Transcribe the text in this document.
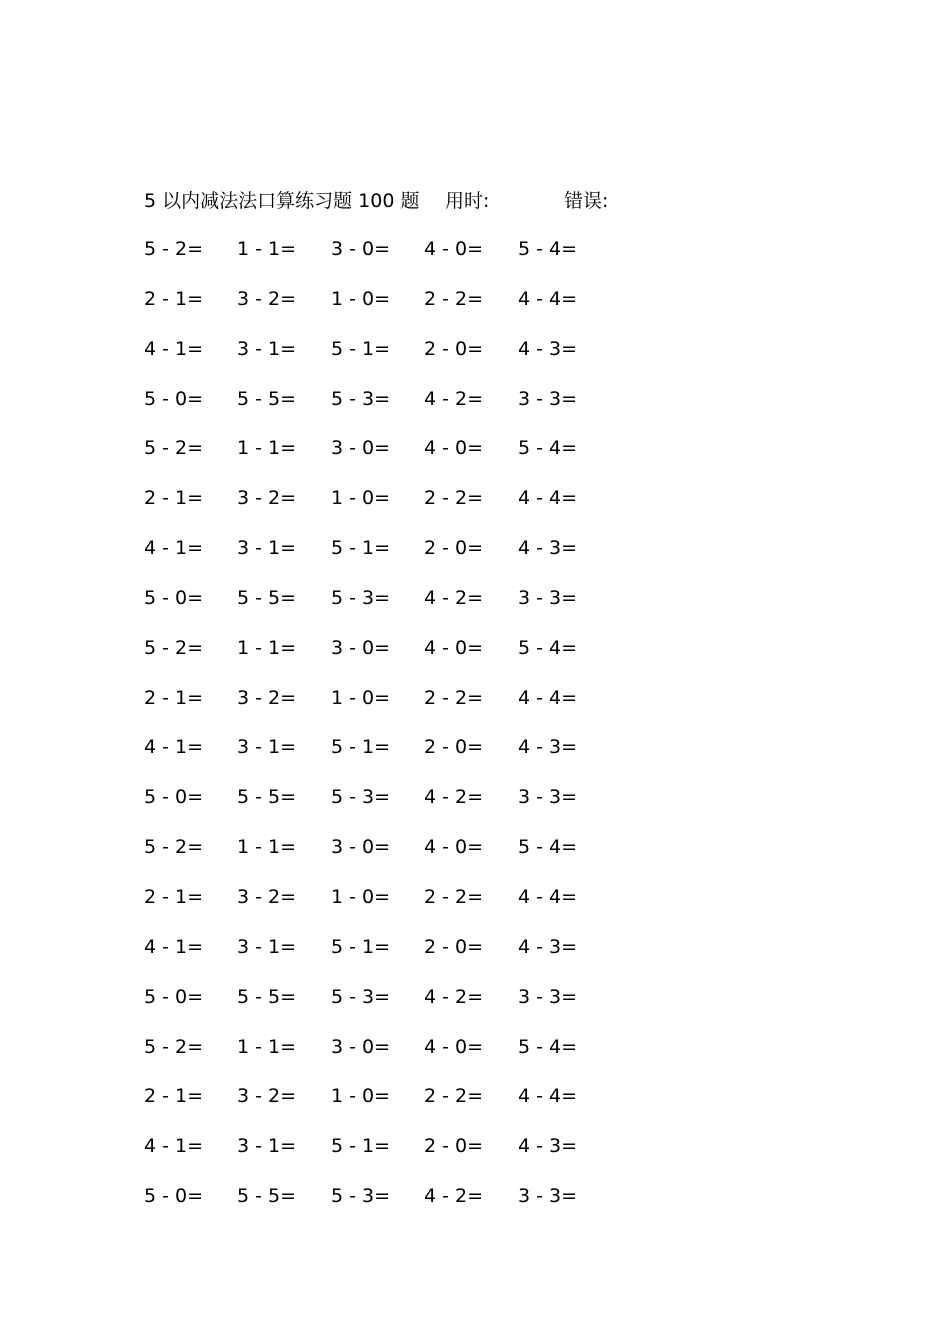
5 以内减法法口算练习题 100 题 用时:	错误:
5 - 2= 1 - 1= 3 - 0= 4 - 0= 5 - 4=
2 - 1= 3 - 2= 1 - 0= 2 - 2= 4 - 4=
4 - 1= 3 - 1= 5 - 1= 2 - 0= 4 - 3=
5 - 0= 5 - 5= 5 - 3= 4 - 2= 3 - 3=
5 - 2= 1 - 1= 3 - 0= 4 - 0= 5 - 4=
2 - 1= 3 - 2= 1 - 0= 2 - 2= 4 - 4=
4 - 1= 3 - 1= 5 - 1= 2 - 0= 4 - 3=
5 - 0= 5 - 5= 5 - 3= 4 - 2= 3 - 3=
5 - 2= 1 - 1= 3 - 0= 4 - 0= 5 - 4=
2 - 1= 3 - 2= 1 - 0= 2 - 2= 4 - 4=
4 - 1= 3 - 1= 5 - 1= 2 - 0= 4 - 3=
5 - 0= 5 - 5= 5 - 3= 4 - 2= 3 - 3=
5 - 2= 1 - 1= 3 - 0= 4 - 0= 5 - 4=
2 - 1= 3 - 2= 1 - 0= 2 - 2= 4 - 4=
4 - 1= 3 - 1= 5 - 1= 2 - 0= 4 - 3=
5 - 0= 5 - 5= 5 - 3= 4 - 2= 3 - 3=
5 - 2= 1 - 1= 3 - 0= 4 - 0= 5 - 4=
2 - 1= 3 - 2= 1 - 0= 2 - 2= 4 - 4=
4 - 1= 3 - 1= 5 - 1= 2 - 0= 4 - 3=
5 - 0= 5 - 5= 5 - 3= 4 - 2= 3 - 3=
